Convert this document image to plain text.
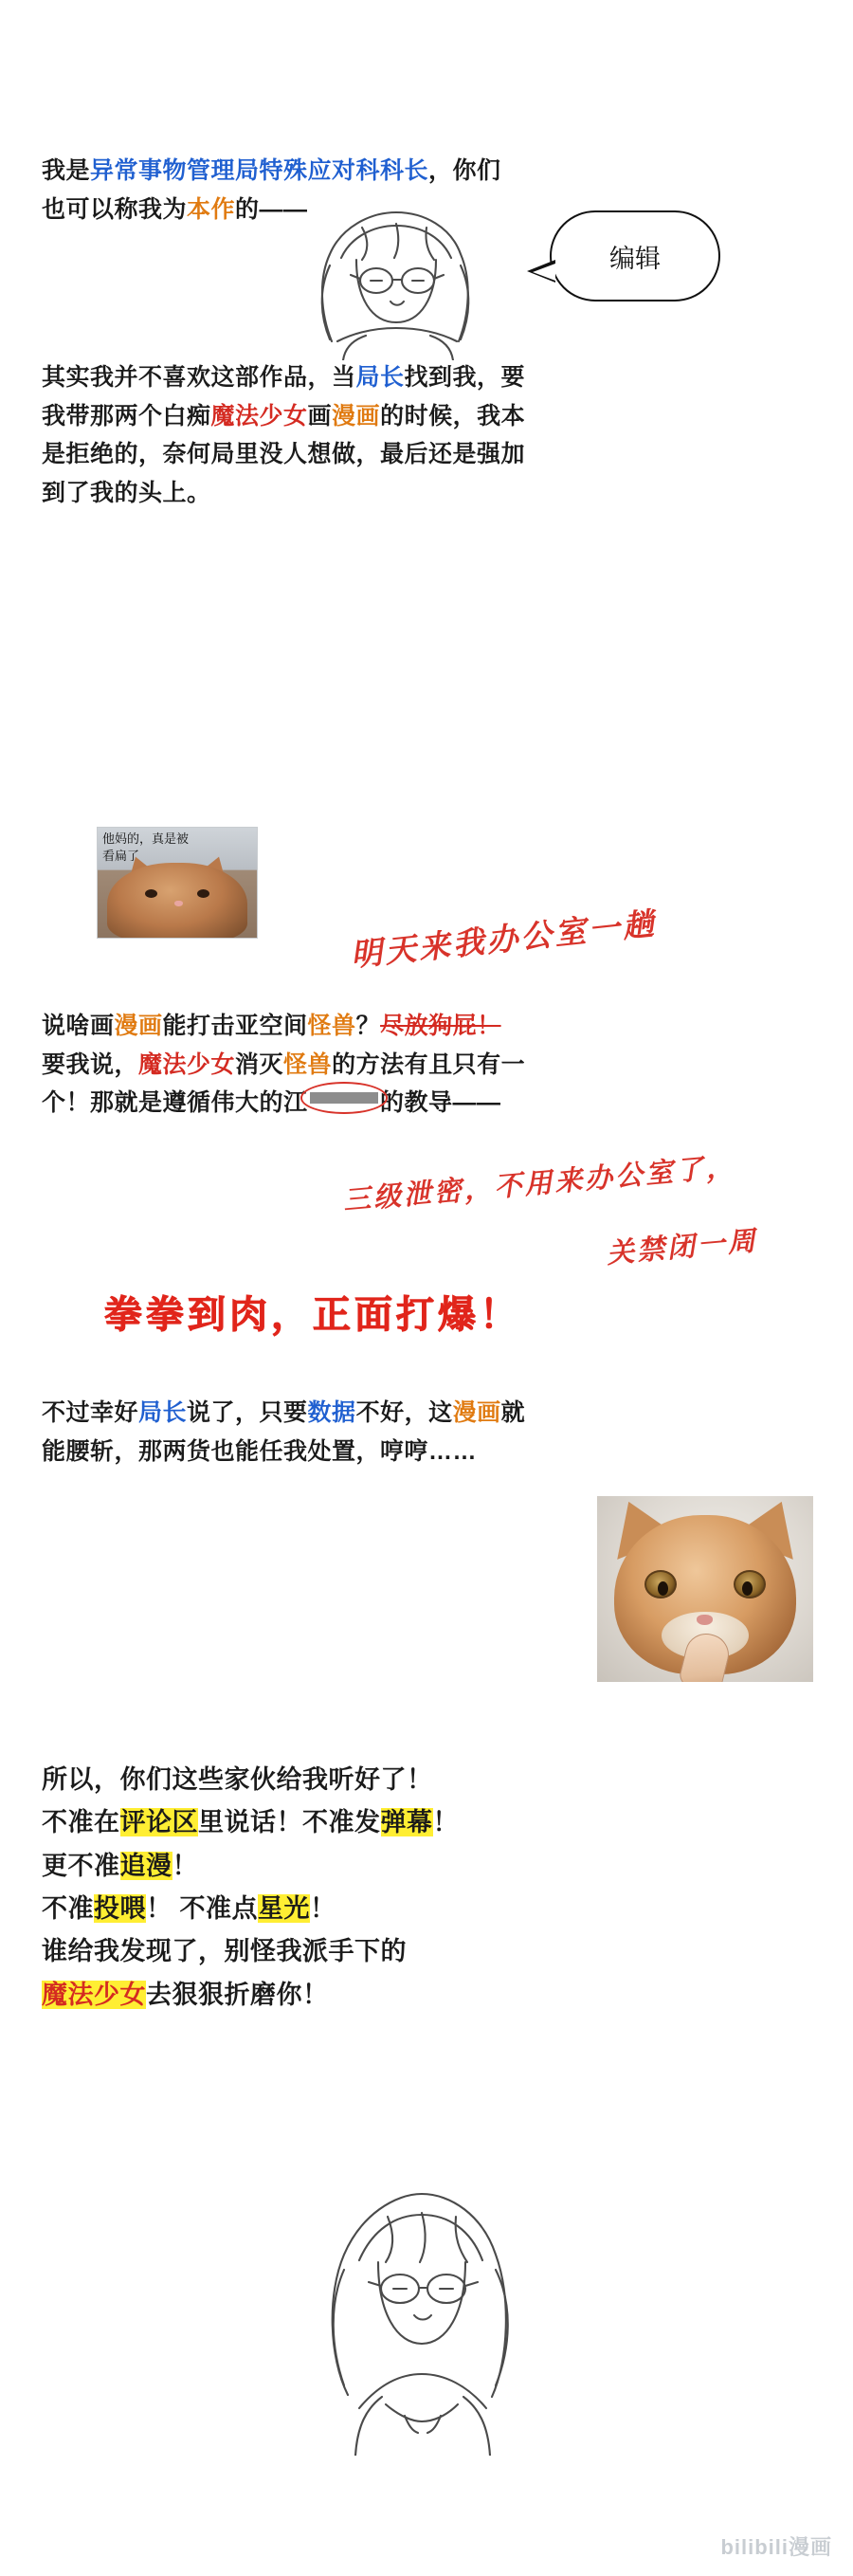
我是异常事物管理局特殊应对科科长，你们
也可以称我为本作的——
编辑
其实我并不喜欢这部作品，当局长找到我，要
我带那两个白痴魔法少女画漫画的时候，我本
是拒绝的，奈何局里没人想做，最后还是强加
到了我的头上。
他妈的，真是被
看扁了
明天来我办公室一趟
说啥画漫画能打击亚空间怪兽？尽放狗屁！
要我说，魔法少女消灭怪兽的方法有且只有一
个！那就是遵循伟大的江	的教导——
三级泄密，不用来办公室了，
关禁闭一周
拳拳到肉，正面打爆！
不过幸好局长说了，只要数据不好，这漫画就
能腰斩，那两货也能任我处置，哼哼……
所以，你们这些家伙给我听好了！
不准在评论区里说话！不准发弹幕！
更不准追漫！
不准投喂！ 不准点星光！
谁给我发现了，别怪我派手下的
魔法少女去狠狠折磨你！
bilibili漫画
